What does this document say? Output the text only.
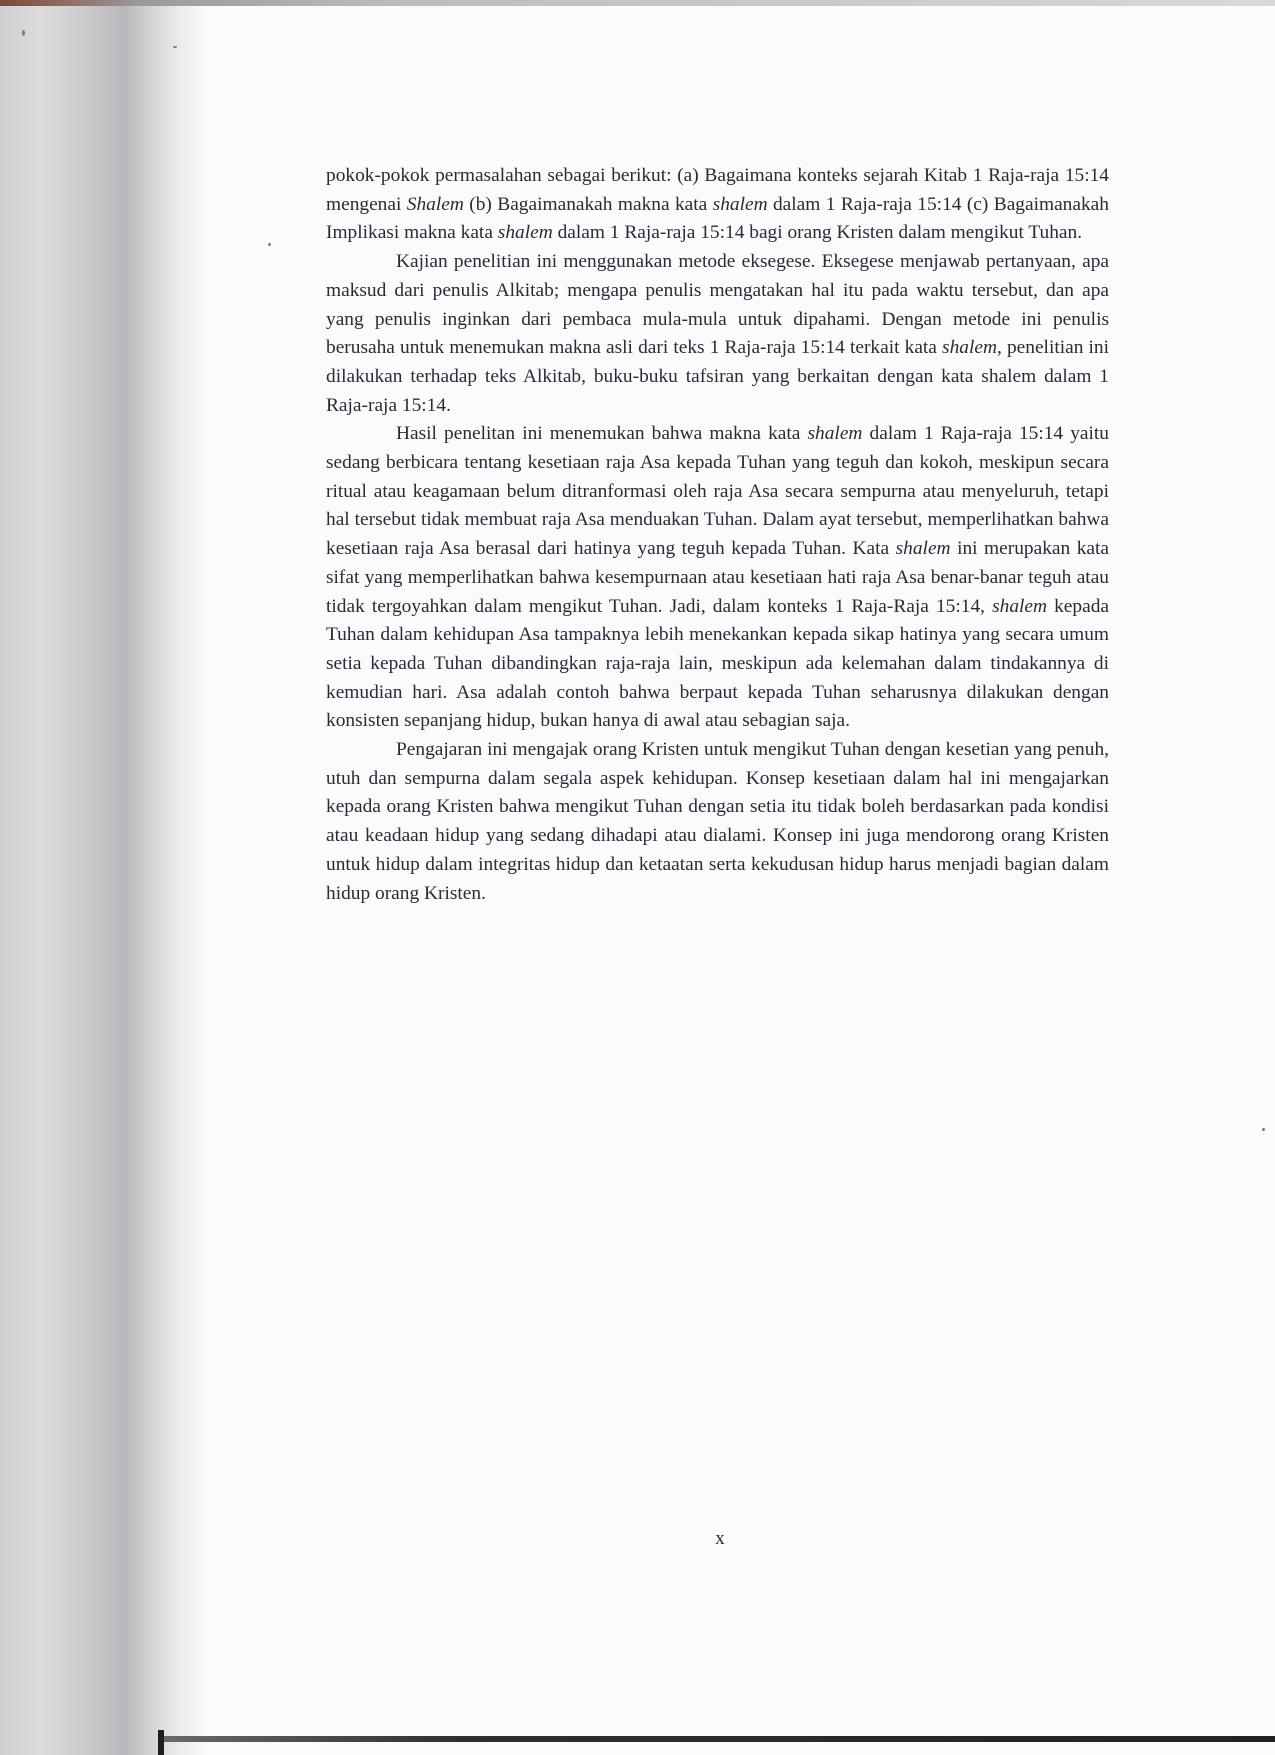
pokok-pokok permasalahan sebagai berikut: (a) Bagaimana konteks sejarah Kitab 1 Raja-raja 15:14 mengenai Shalem (b) Bagaimanakah makna kata shalem dalam 1 Raja-raja 15:14 (c) Bagaimanakah Implikasi makna kata shalem dalam 1 Raja-raja 15:14 bagi orang Kristen dalam mengikut Tuhan.

Kajian penelitian ini menggunakan metode eksegese. Eksegese menjawab pertanyaan, apa maksud dari penulis Alkitab; mengapa penulis mengatakan hal itu pada waktu tersebut, dan apa yang penulis inginkan dari pembaca mula-mula untuk dipahami. Dengan metode ini penulis berusaha untuk menemukan makna asli dari teks 1 Raja-raja 15:14 terkait kata shalem, penelitian ini dilakukan terhadap teks Alkitab, buku-buku tafsiran yang berkaitan dengan kata shalem dalam 1 Raja-raja 15:14.

Hasil penelitan ini menemukan bahwa makna kata shalem dalam 1 Raja-raja 15:14 yaitu sedang berbicara tentang kesetiaan raja Asa kepada Tuhan yang teguh dan kokoh, meskipun secara ritual atau keagamaan belum ditranformasi oleh raja Asa secara sempurna atau menyeluruh, tetapi hal tersebut tidak membuat raja Asa menduakan Tuhan. Dalam ayat tersebut, memperlihatkan bahwa kesetiaan raja Asa berasal dari hatinya yang teguh kepada Tuhan. Kata shalem ini merupakan kata sifat yang memperlihatkan bahwa kesempurnaan atau kesetiaan hati raja Asa benar-banar teguh atau tidak tergoyahkan dalam mengikut Tuhan. Jadi, dalam konteks 1 Raja-Raja 15:14, shalem kepada Tuhan dalam kehidupan Asa tampaknya lebih menekankan kepada sikap hatinya yang secara umum setia kepada Tuhan dibandingkan raja-raja lain, meskipun ada kelemahan dalam tindakannya di kemudian hari. Asa adalah contoh bahwa berpaut kepada Tuhan seharusnya dilakukan dengan konsisten sepanjang hidup, bukan hanya di awal atau sebagian saja.

Pengajaran ini mengajak orang Kristen untuk mengikut Tuhan dengan kesetian yang penuh, utuh dan sempurna dalam segala aspek kehidupan. Konsep kesetiaan dalam hal ini mengajarkan kepada orang Kristen bahwa mengikut Tuhan dengan setia itu tidak boleh berdasarkan pada kondisi atau keadaan hidup yang sedang dihadapi atau dialami. Konsep ini juga mendorong orang Kristen untuk hidup dalam integritas hidup dan ketaatan serta kekudusan hidup harus menjadi bagian dalam hidup orang Kristen.

x
